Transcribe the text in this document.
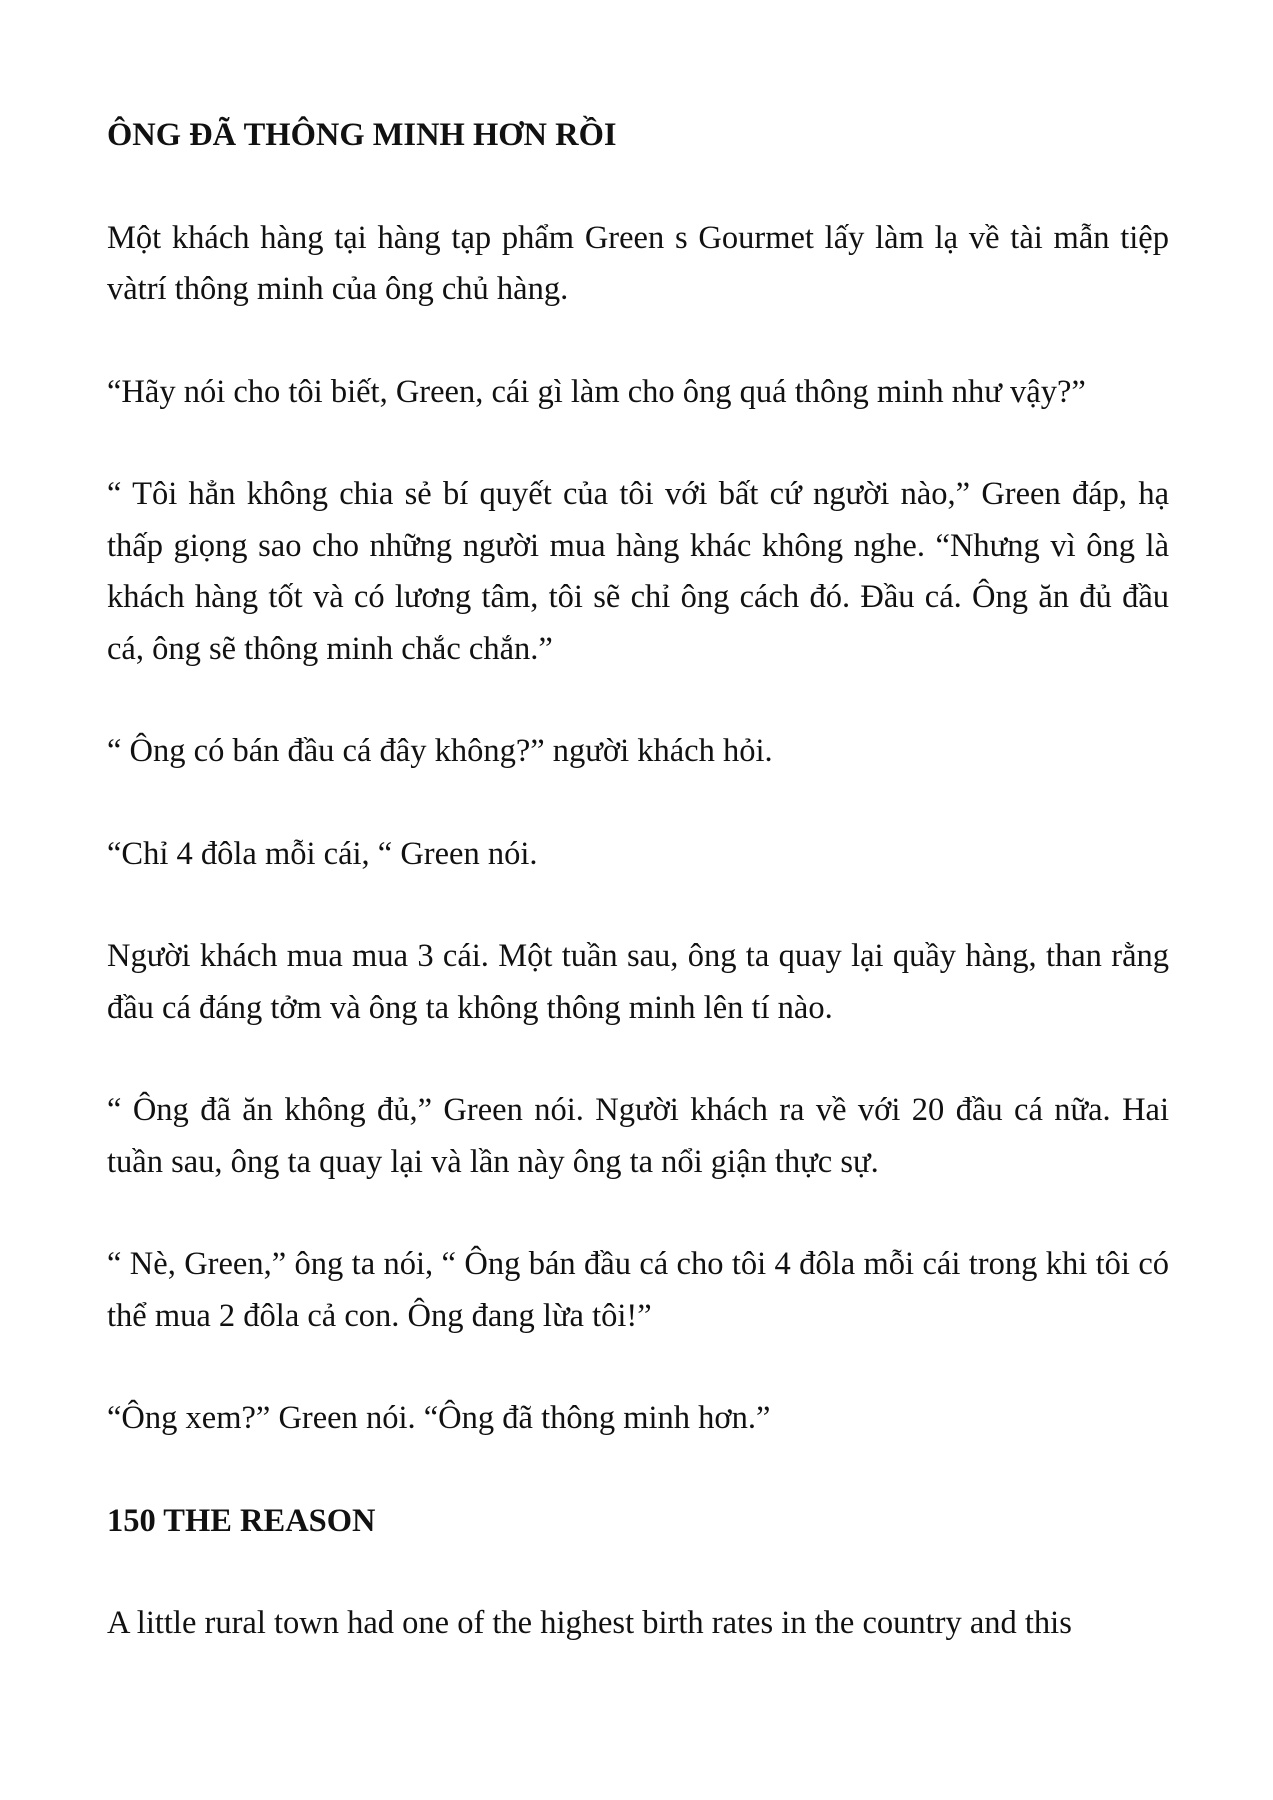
ÔNG ĐÃ THÔNG MINH HƠN RỒI

Một khách hàng tại hàng tạp phẩm Green s Gourmet lấy làm lạ về tài mẫn tiệp vàtrí thông minh của ông chủ hàng.

“Hãy nói cho tôi biết, Green, cái gì làm cho ông quá thông minh như vậy?”

“ Tôi hẳn không chia sẻ bí quyết của tôi với bất cứ người nào,” Green đáp, hạ thấp giọng sao cho những người mua hàng khác không nghe. “Nhưng vì ông là khách hàng tốt và có lương tâm, tôi sẽ chỉ ông cách đó. Đầu cá. Ông ăn đủ đầu cá, ông sẽ thông minh chắc chắn.”

“ Ông có bán đầu cá đây không?” người khách hỏi.

“Chỉ 4 đôla mỗi cái, “ Green nói.

Người khách mua mua 3 cái. Một tuần sau, ông ta quay lại quầy hàng, than rằng đầu cá đáng tởm và ông ta không thông minh lên tí nào.

“ Ông đã ăn không đủ,” Green nói. Người khách ra về với 20 đầu cá nữa. Hai tuần sau, ông ta quay lại và lần này ông ta nổi giận thực sự.

“ Nè, Green,” ông ta nói, “ Ông bán đầu cá cho tôi 4 đôla mỗi cái trong khi tôi có thể mua 2 đôla cả con. Ông đang lừa tôi!”

“Ông xem?” Green nói. “Ông đã thông minh hơn.”

150 THE REASON

A little rural town had one of the highest birth rates in the country and this
